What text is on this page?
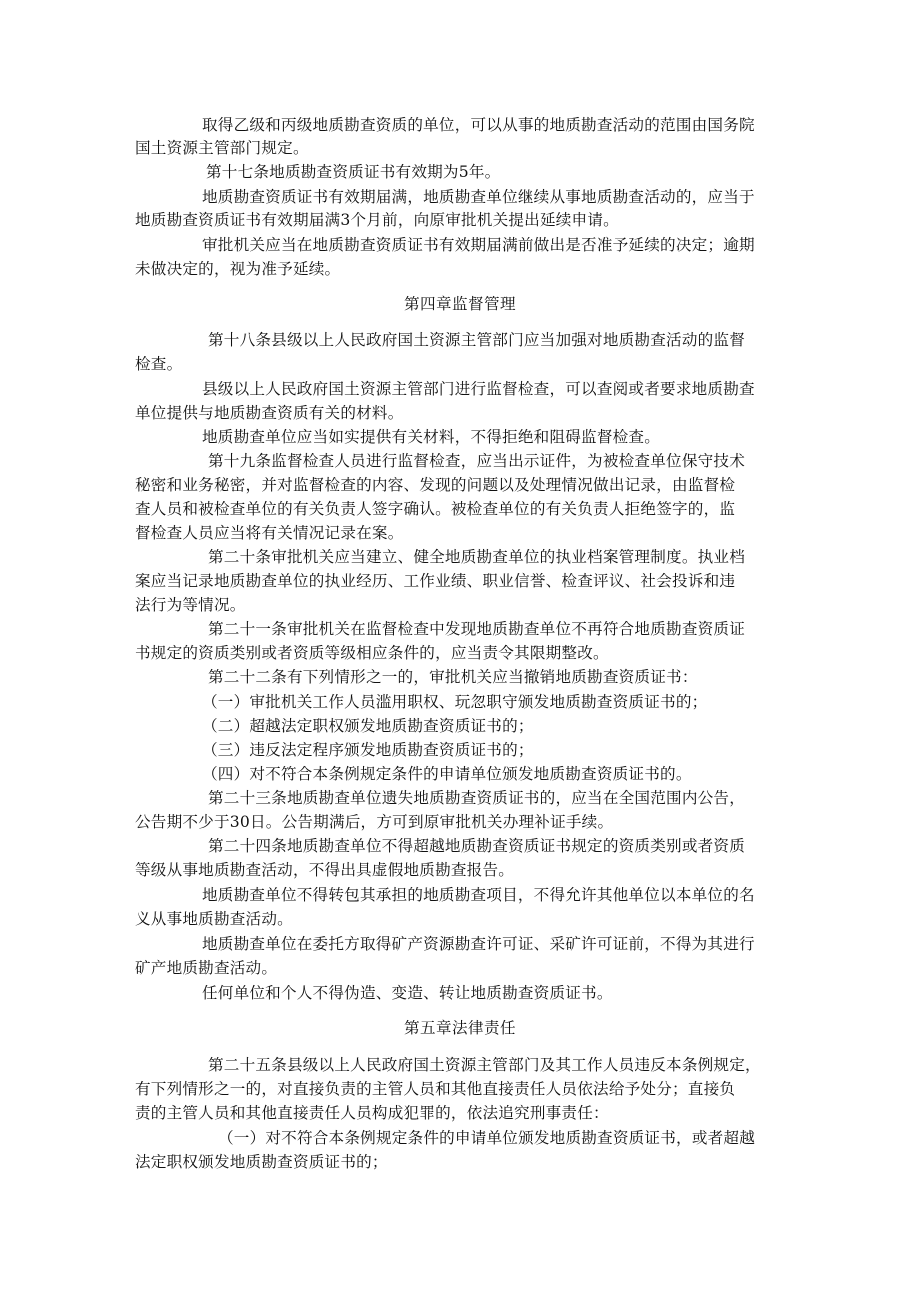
取得乙级和丙级地质勘查资质的单位，可以从事的地质勘查活动的范围由国务院
国土资源主管部门规定。
第十七条地质勘查资质证书有效期为5年。
地质勘查资质证书有效期届满，地质勘查单位继续从事地质勘查活动的，应当于
地质勘查资质证书有效期届满3个月前，向原审批机关提出延续申请。
审批机关应当在地质勘查资质证书有效期届满前做出是否准予延续的决定；逾期
未做决定的，视为准予延续。
第四章监督管理
第十八条县级以上人民政府国土资源主管部门应当加强对地质勘查活动的监督
检查。
县级以上人民政府国土资源主管部门进行监督检查，可以查阅或者要求地质勘查
单位提供与地质勘查资质有关的材料。
地质勘查单位应当如实提供有关材料，不得拒绝和阻碍监督检查。
第十九条监督检查人员进行监督检查，应当出示证件，为被检查单位保守技术
秘密和业务秘密，并对监督检查的内容、发现的问题以及处理情况做出记录，由监督检
查人员和被检查单位的有关负责人签字确认。被检查单位的有关负责人拒绝签字的，监
督检查人员应当将有关情况记录在案。
第二十条审批机关应当建立、健全地质勘查单位的执业档案管理制度。执业档
案应当记录地质勘查单位的执业经历、工作业绩、职业信誉、检查评议、社会投诉和违
法行为等情况。
第二十一条审批机关在监督检查中发现地质勘查单位不再符合地质勘查资质证
书规定的资质类别或者资质等级相应条件的，应当责令其限期整改。
第二十二条有下列情形之一的，审批机关应当撤销地质勘查资质证书：
（一）审批机关工作人员滥用职权、玩忽职守颁发地质勘查资质证书的；
（二）超越法定职权颁发地质勘查资质证书的；
（三）违反法定程序颁发地质勘查资质证书的；
（四）对不符合本条例规定条件的申请单位颁发地质勘查资质证书的。
第二十三条地质勘查单位遗失地质勘查资质证书的，应当在全国范围内公告，
公告期不少于30日。公告期满后，方可到原审批机关办理补证手续。
第二十四条地质勘查单位不得超越地质勘查资质证书规定的资质类别或者资质
等级从事地质勘查活动，不得出具虚假地质勘查报告。
地质勘查单位不得转包其承担的地质勘查项目，不得允许其他单位以本单位的名
义从事地质勘查活动。
地质勘查单位在委托方取得矿产资源勘查许可证、采矿许可证前，不得为其进行
矿产地质勘查活动。
任何单位和个人不得伪造、变造、转让地质勘查资质证书。
第五章法律责任
第二十五条县级以上人民政府国土资源主管部门及其工作人员违反本条例规定，
有下列情形之一的，对直接负责的主管人员和其他直接责任人员依法给予处分；直接负
责的主管人员和其他直接责任人员构成犯罪的，依法追究刑事责任：
（一）对不符合本条例规定条件的申请单位颁发地质勘查资质证书，或者超越
法定职权颁发地质勘查资质证书的；
